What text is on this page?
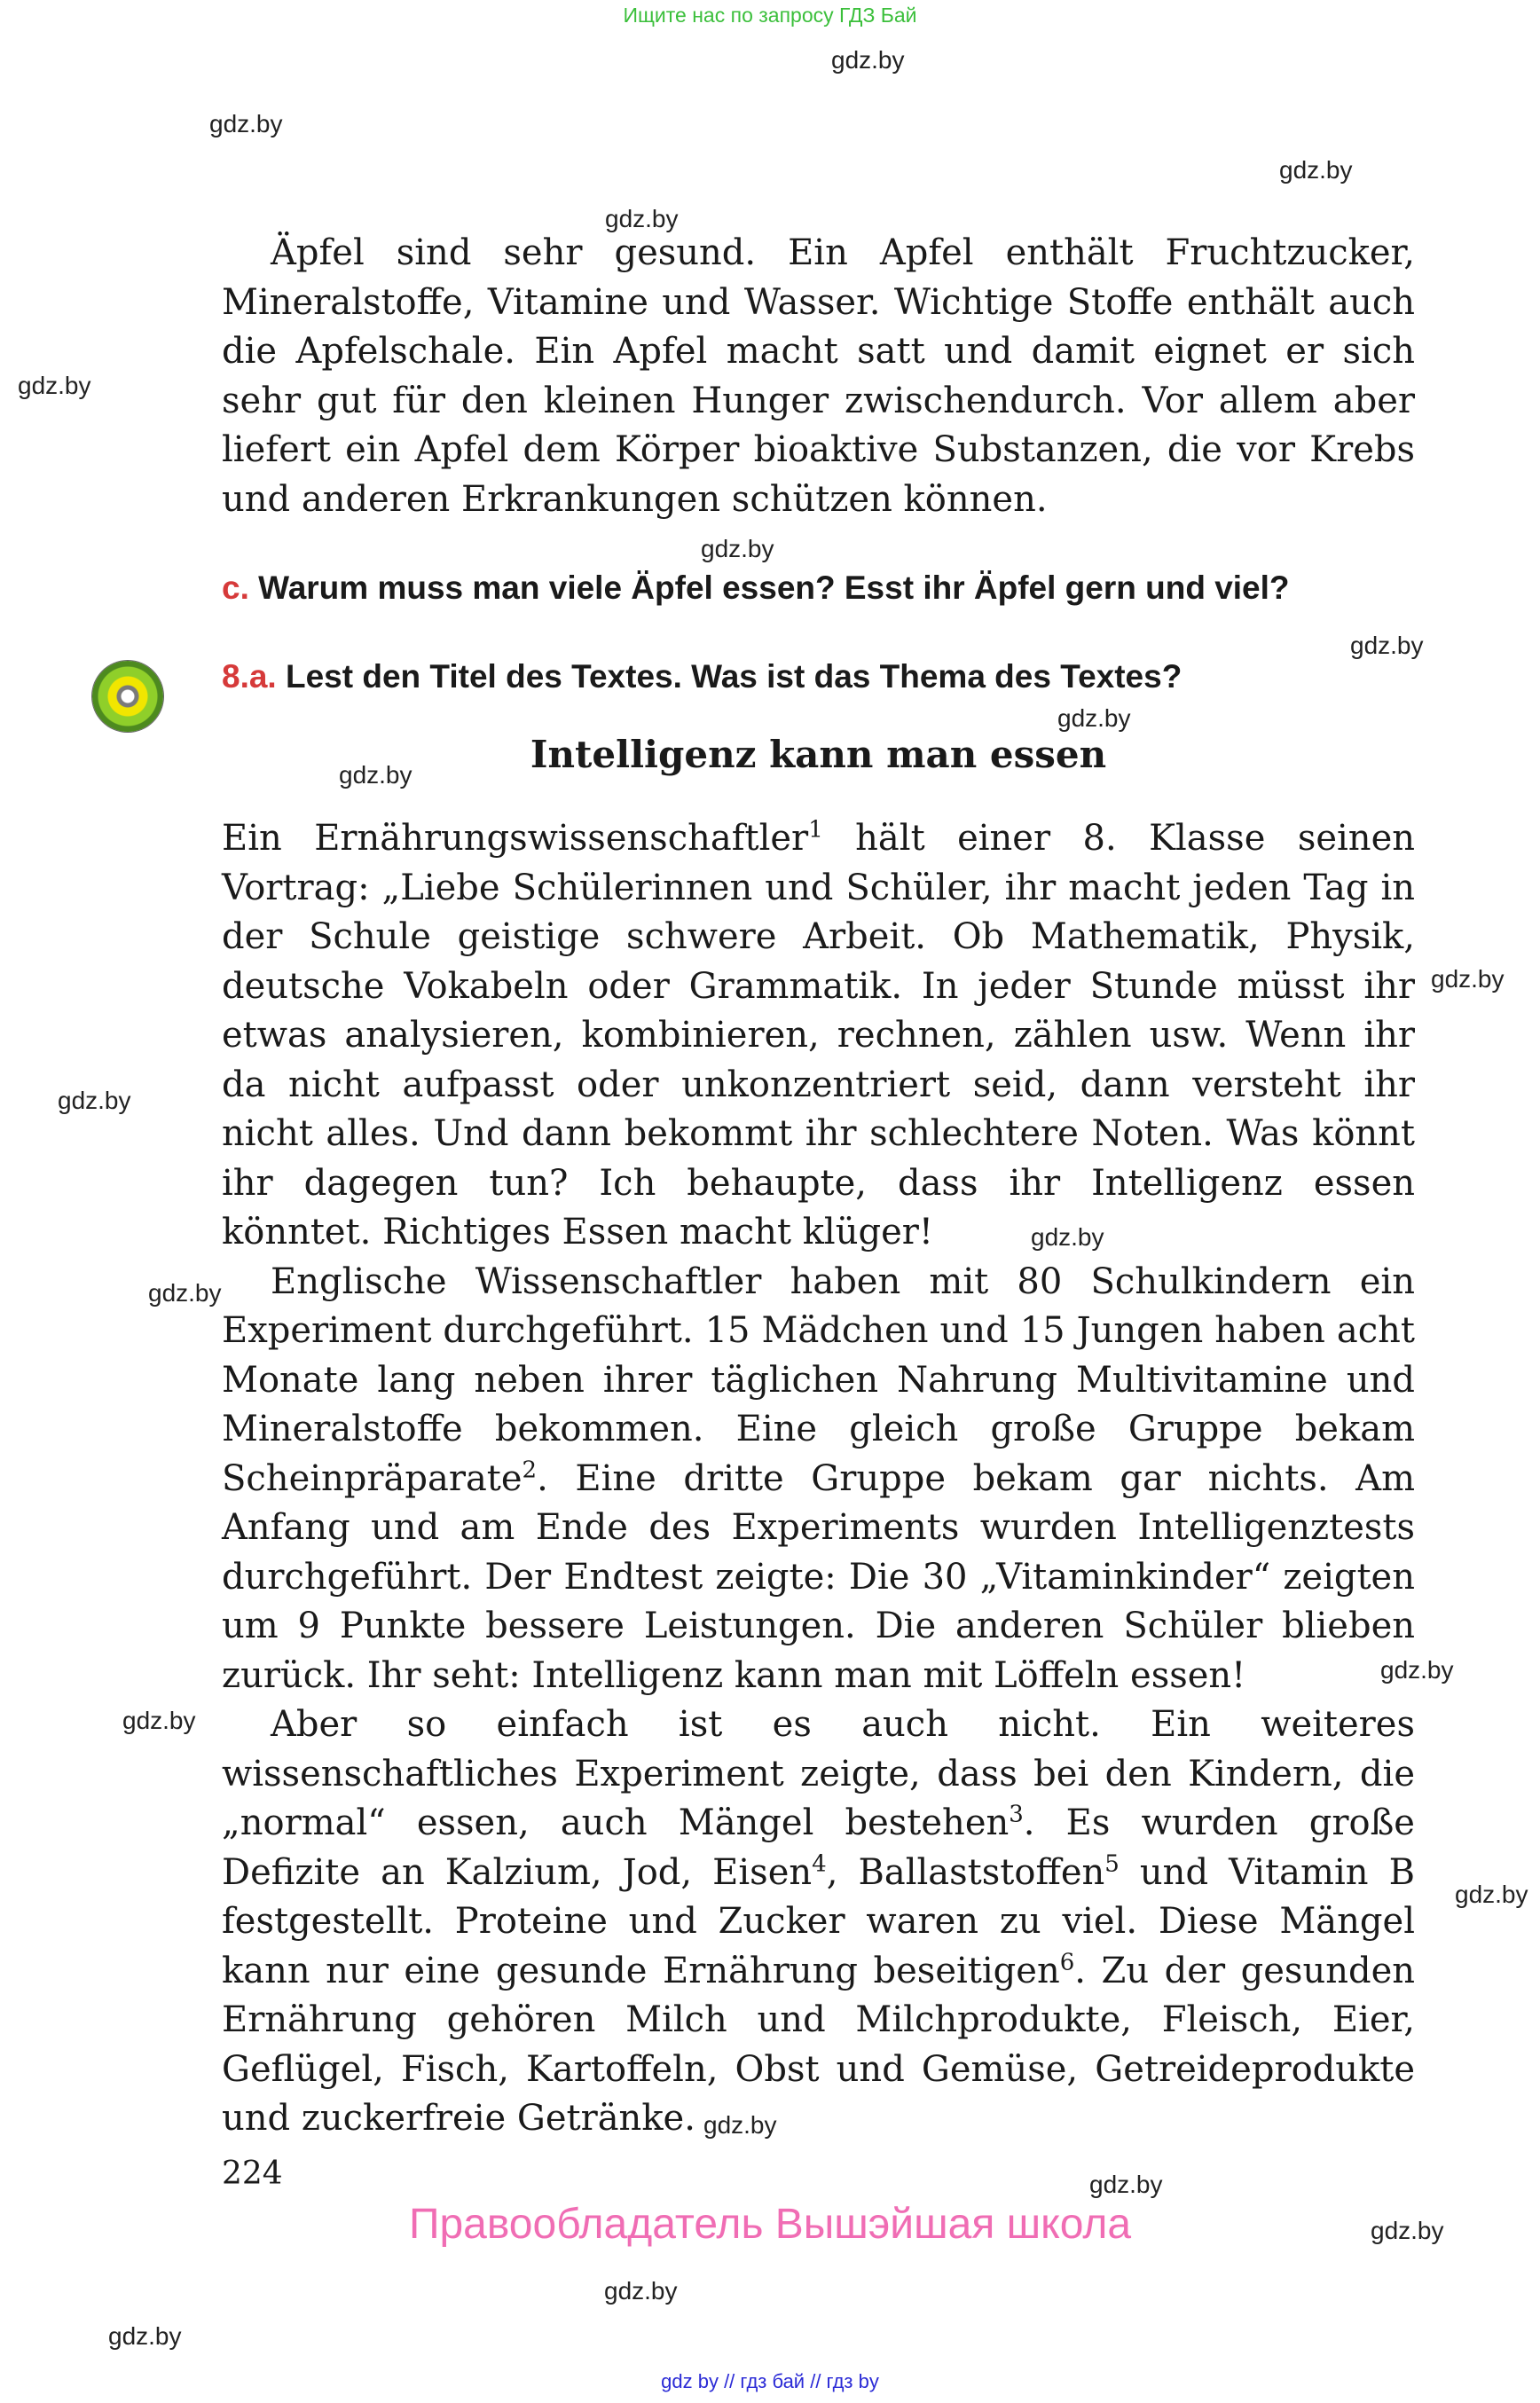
Ищите нас по запросу ГДЗ Бай
gdz.by
gdz.by
gdz.by
gdz.by
gdz.by
gdz.by
gdz.by
gdz.by
gdz.by
gdz.by
gdz.by
gdz.by
gdz.by
gdz.by
gdz.by
gdz.by
gdz.by
gdz.by
gdz.by
gdz.by
gdz.by

Äpfel sind sehr gesund. Ein Apfel enthält Fruchtzucker, Mineralstoffe, Vitamine und Wasser. Wichtige Stoffe enthält auch die Apfelschale. Ein Apfel macht satt und damit eignet er sich sehr gut für den kleinen Hunger zwischendurch. Vor allem aber liefert ein Apfel dem Körper bioaktive Substanzen, die vor Krebs und anderen Erkrankungen schützen können.

c. Warum muss man viele Äpfel essen? Esst ihr Äpfel gern und viel?
8.a. Lest den Titel des Textes. Was ist das Thema des Textes?
Intelligenz kann man essen

Ein Ernährungswissenschaftler$^1$ hält einer 8. Klasse seinen Vortrag: „Liebe Schülerinnen und Schüler, ihr macht jeden Tag in der Schule geistige schwere Arbeit. Ob Mathematik, Physik, deutsche Vokabeln oder Grammatik. In jeder Stunde müsst ihr etwas analysieren, kombinieren, rechnen, zählen usw. Wenn ihr da nicht aufpasst oder unkonzentriert seid, dann versteht ihr nicht alles. Und dann bekommt ihr schlechtere Noten. Was könnt ihr dagegen tun? Ich behaupte, dass ihr Intelligenz essen könntet. Richtiges Essen macht klüger!

Englische Wissenschaftler haben mit 80 Schulkindern ein Experiment durchgeführt. 15 Mädchen und 15 Jungen haben acht Monate lang neben ihrer täglichen Nahrung Multivitamine und Mineralstoffe bekommen. Eine gleich große Gruppe bekam Scheinpräparate$^2$. Eine dritte Gruppe bekam gar nichts. Am Anfang und am Ende des Experiments wurden Intelligenztests durchgeführt. Der Endtest zeigte: Die 30 „Vitaminkinder“ zeigten um 9 Punkte bessere Leistungen. Die anderen Schüler blieben zurück. Ihr seht: Intelligenz kann man mit Löffeln essen!

Aber so einfach ist es auch nicht. Ein weiteres wissenschaftliches Experiment zeigte, dass bei den Kindern, die „normal“ essen, auch Mängel bestehen$^3$. Es wurden große Defizite an Kalzium, Jod, Eisen$^4$, Ballaststoffen$^5$ und Vitamin B festgestellt. Proteine und Zucker waren zu viel. Diese Mängel kann nur eine gesunde Ernährung beseitigen$^6$. Zu der gesunden Ernährung gehören Milch und Milchprodukte, Fleisch, Eier, Geflügel, Fisch, Kartoffeln, Obst und Gemüse, Getreideprodukte und zuckerfreie Getränke.

224
Правообладатель Вышэйшая школа
gdz by // гдз бай // гдз by
